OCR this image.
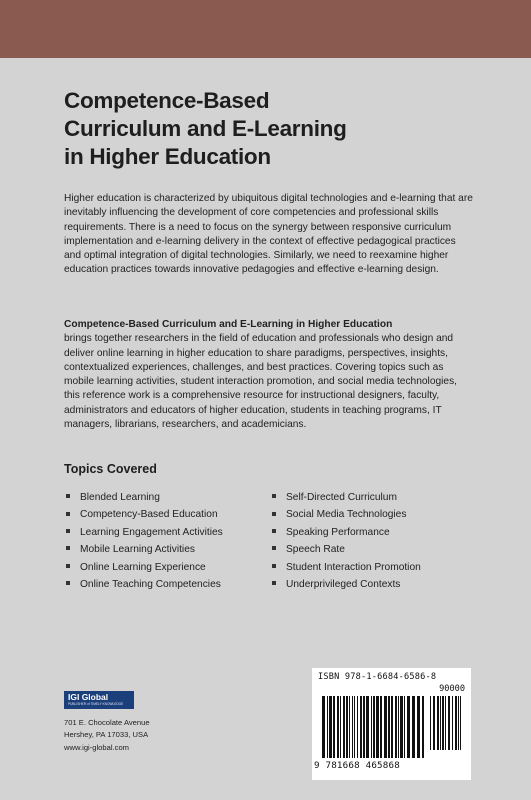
Competence-Based
Curriculum and E-Learning
in Higher Education
Higher education is characterized by ubiquitous digital technologies and e-learning that are inevitably influencing the development of core competencies and professional skills requirements. There is a need to focus on the synergy between responsive curriculum implementation and e-learning delivery in the context of effective pedagogical practices and optimal integration of digital technologies. Similarly, we need to reexamine higher education practices towards innovative pedagogies and effective e-learning design.
Competence-Based Curriculum and E-Learning in Higher Education
brings together researchers in the field of education and professionals who design and deliver online learning in higher education to share paradigms, perspectives, insights, contextualized experiences, challenges, and best practices. Covering topics such as mobile learning activities, student interaction promotion, and social media technologies, this reference work is a comprehensive resource for instructional designers, faculty, administrators and educators of higher education, students in teaching programs, IT managers, librarians, researchers, and academicians.
Topics Covered
Blended Learning
Competency-Based Education
Learning Engagement Activities
Mobile Learning Activities
Online Learning Experience
Online Teaching Competencies
Self-Directed Curriculum
Social Media Technologies
Speaking Performance
Speech Rate
Student Interaction Promotion
Underprivileged Contexts
IGI Global
PUBLISHER of TIMELY KNOWLEDGE
701 E. Chocolate Avenue
Hershey, PA 17033, USA
www.igi-global.com
ISBN 978-1-6684-6586-8
90000
9 781668 465868
